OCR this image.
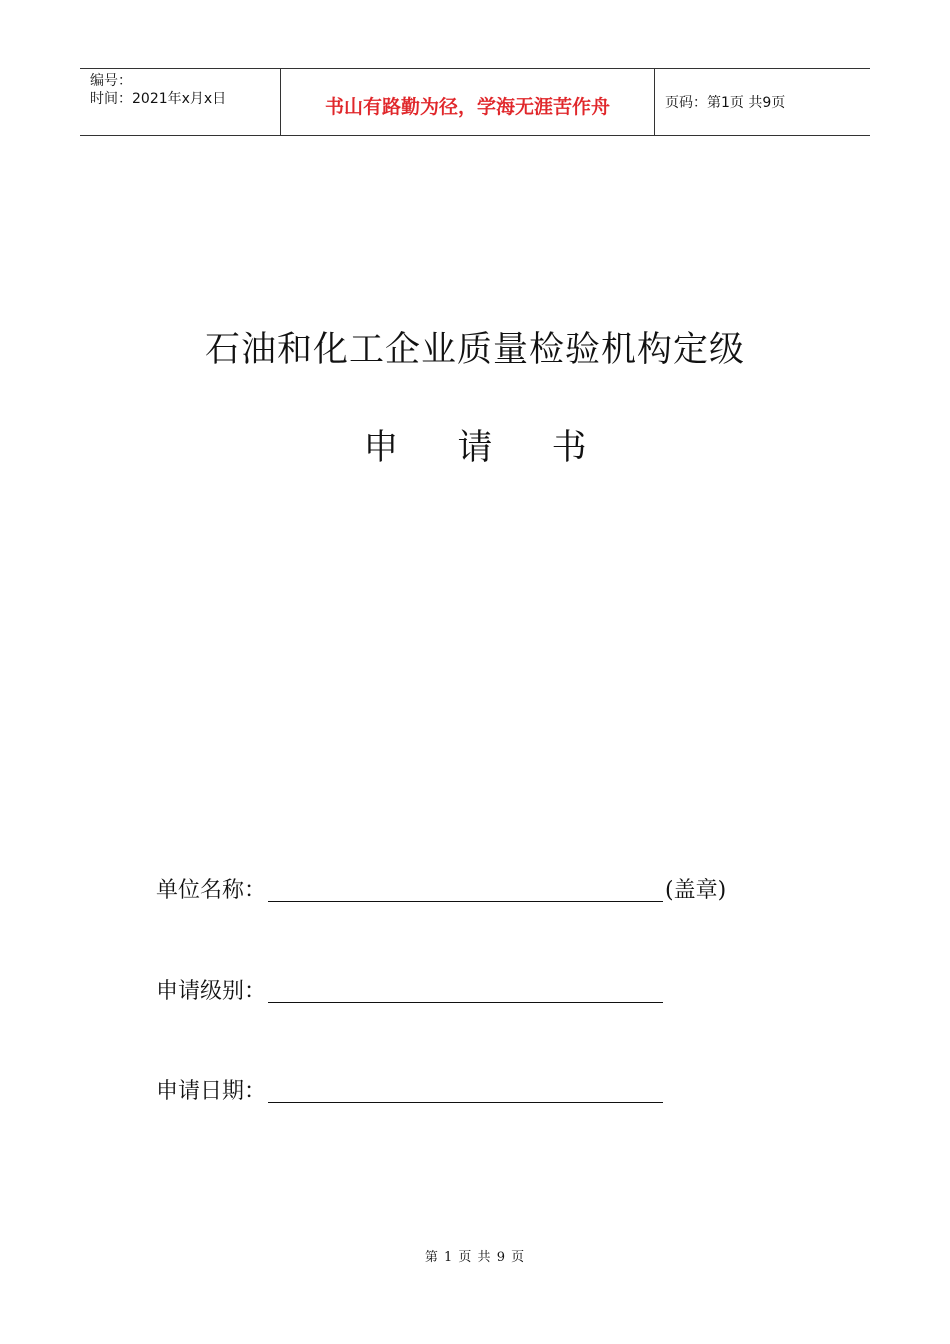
编号：
时间：2021年x月x日	书山有路勤为径，学海无涯苦作舟	页码：第1页 共9页
石油和化工企业质量检验机构定级
申 请 书
单位名称：	(盖章)
申请级别：
申请日期：
第 1 页 共 9 页
